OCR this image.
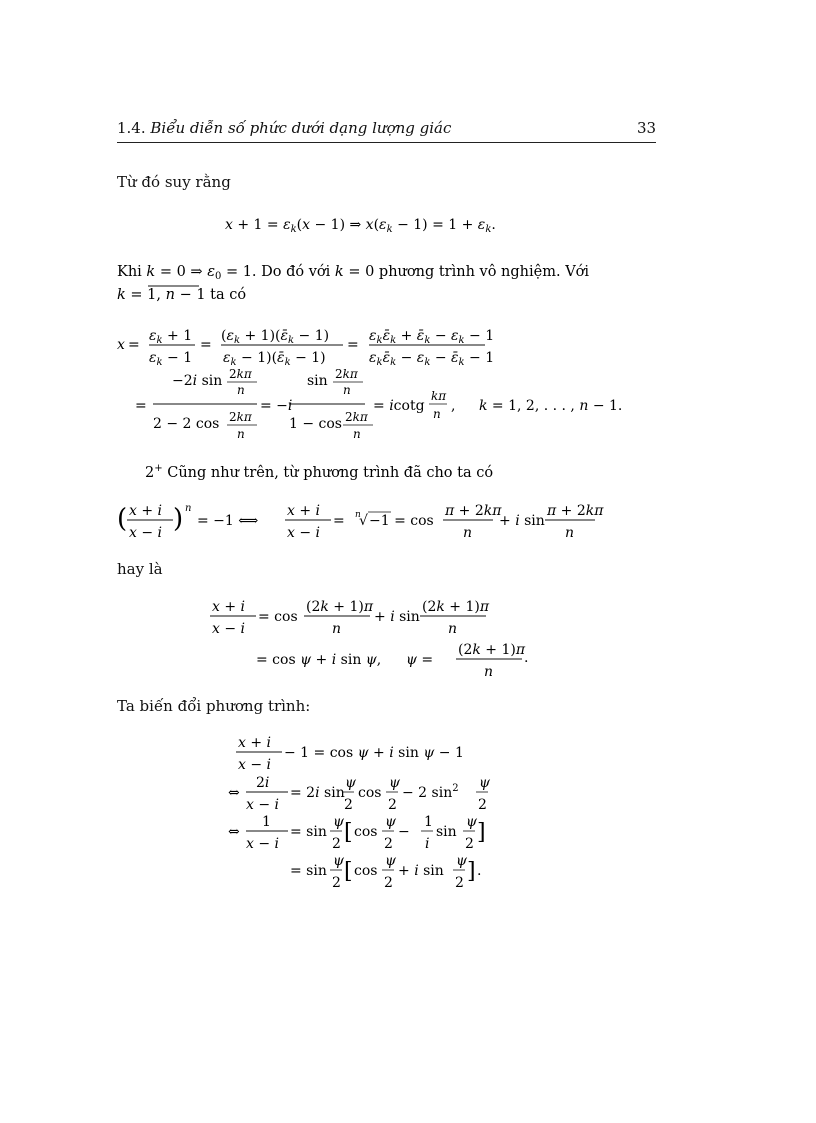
1.4. Biểu diễn số phức dưới dạng lượng giác	33
Từ đó suy rằng
$x + 1 = \varepsilon_k(x - 1)$ ⇒ $x(\varepsilon_k - 1) = 1 + \varepsilon_k$.
Khi k = 0 ⇒ $\varepsilon_0 = 1$. Do đó với k = 0 phương trình vô nghiệm. Với
k = 1, n − 1 ta có
x =
$\varepsilon_k + 1$
$\varepsilon_k - 1$
=
($\varepsilon_k$ + $1)(\varepsilon̄_k - 1)$
$\varepsilon_k$ − $1)(\varepsilon̄_k - 1)$
=
$\varepsilon_k\varepsilon̄_k$ + $\varepsilon̄_k - \varepsilon_k - 1$
$\varepsilon_k\varepsilon̄_k - \varepsilon_k$ − $\varepsilon̄_k - 1$
=
−2i sin 2kπ
n
2 − 2 cos 2kπ
n
= −i
sin 2kπ
n
1 − cos 2kπ
n
= icotg
kπ
n , k = 1, 2, . . . , n − 1.
2+ Cũng như trên, từ phương trình đã cho ta có
( x + i
x − i ) n
= −1 ⟺
x + i
x − i
= n
√ −1 = cos
π + 2kπ
n
+ i sin
π + 2kπ
n
hay là
x + i
x − i
= cos
(2k + 1)π
n
+ i sin
(2k + 1)π
n
= cos ψ + i sin ψ, ψ =
(2k + 1)π
n
.
Ta biến đổi phương trình:
x + i
x − i
− 1 = cos ψ + i sin ψ − 1
⇔
2i
x − i
= 2i sin
ψ
2
cos
ψ
2
− 2 $\sin^2 \psi$
2
⇔
1
x − i
= sin
ψ
2 [ cos
ψ
2
−
1
i
sin
ψ
2 ]
= sin
ψ
2 [ cos
ψ
2
+ i sin
ψ
2 ] .
